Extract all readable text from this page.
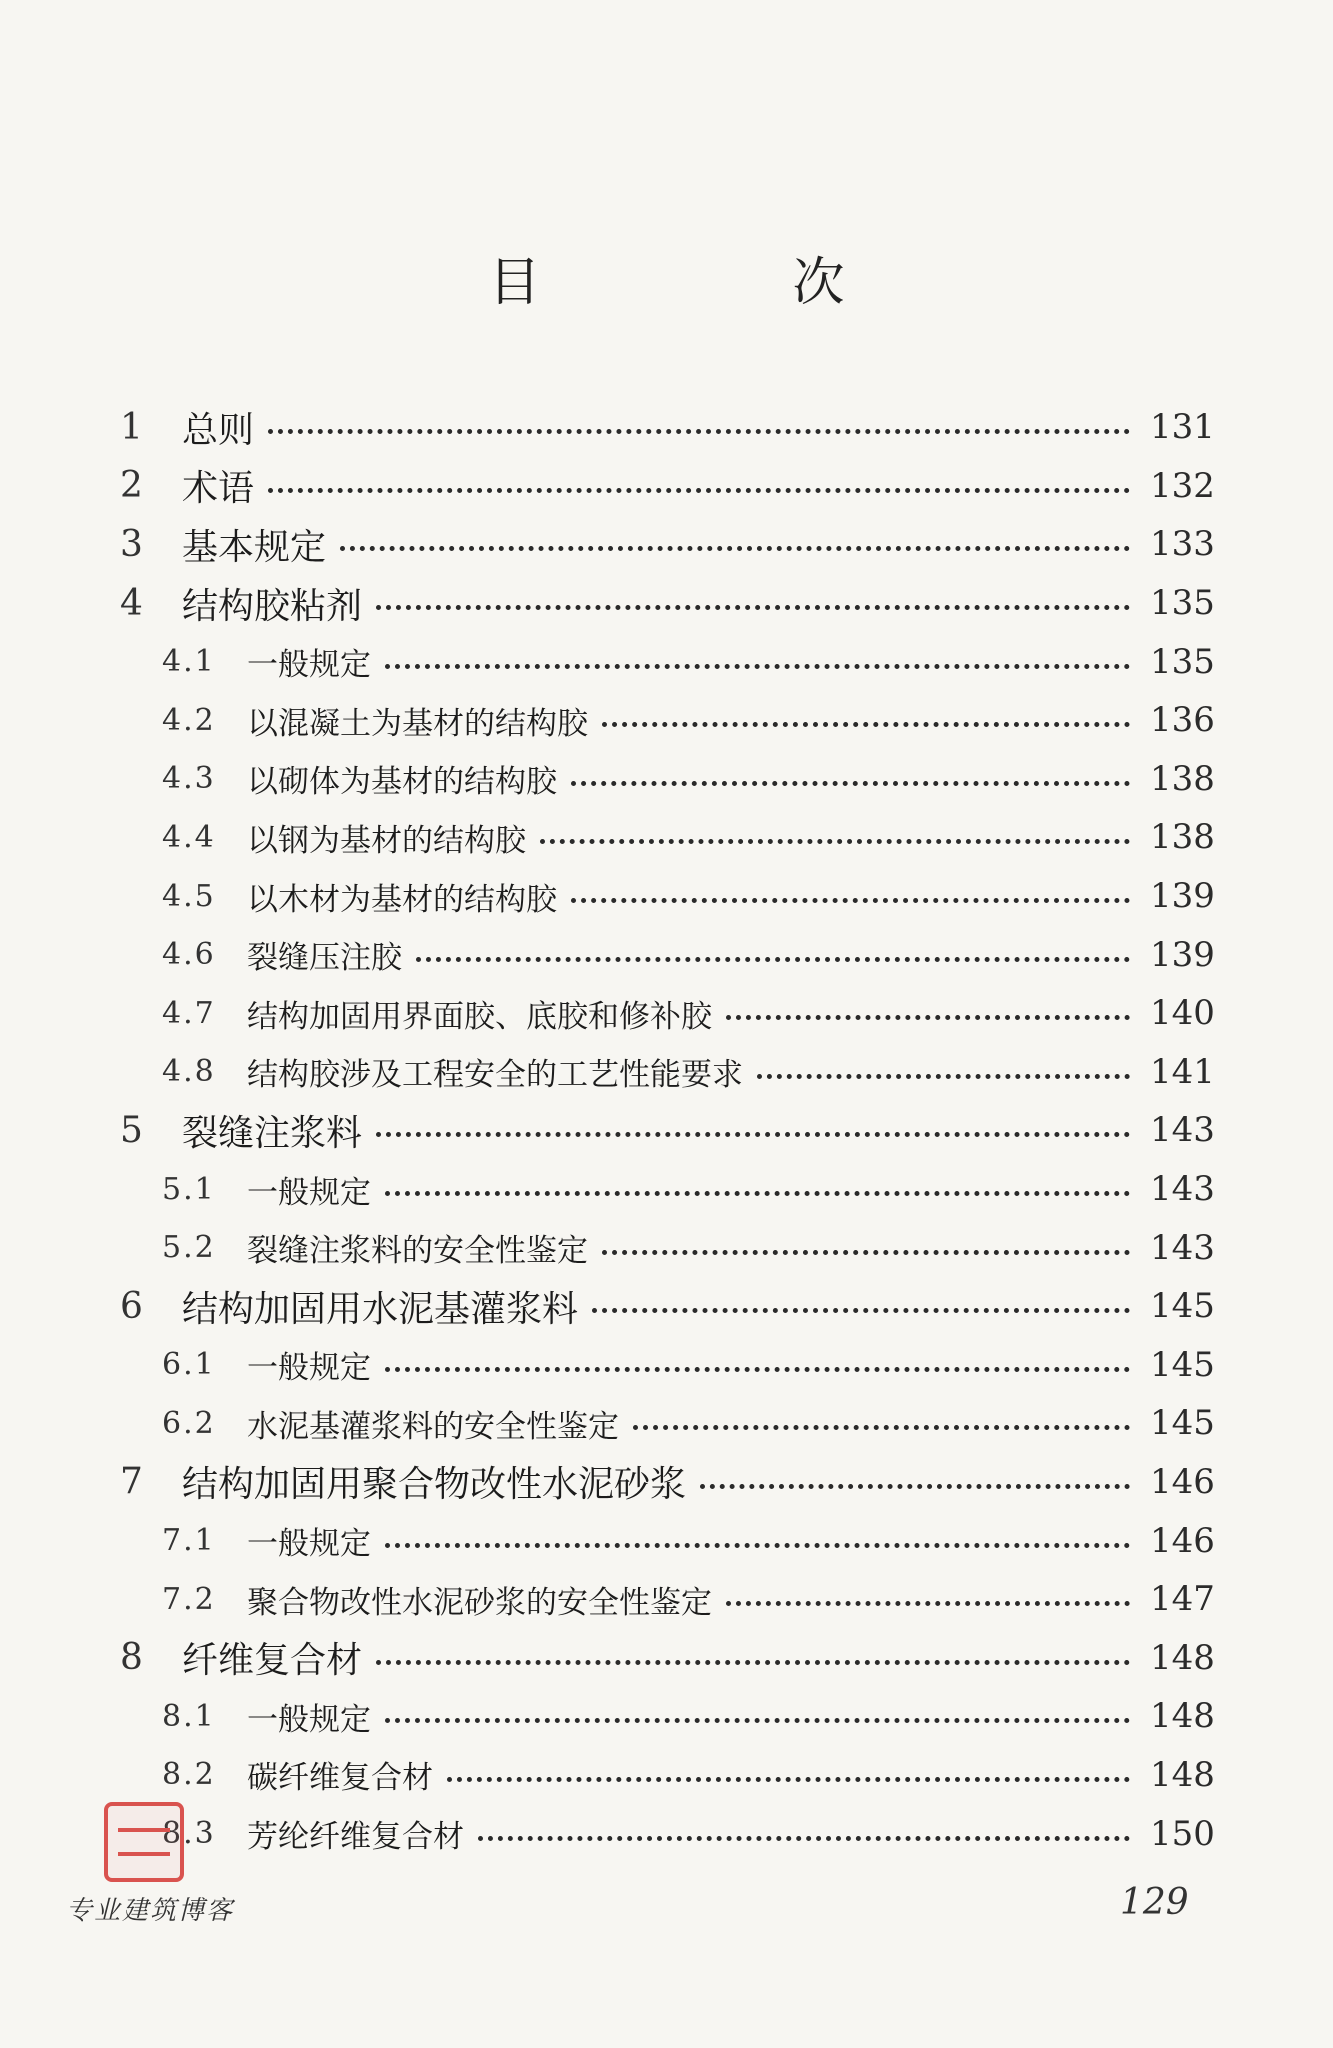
目　次
1 总则	131
2 术语	132
3 基本规定	133
4 结构胶粘剂	135
4.1 一般规定	135
4.2 以混凝土为基材的结构胶	136
4.3 以砌体为基材的结构胶	138
4.4 以钢为基材的结构胶	138
4.5 以木材为基材的结构胶	139
4.6 裂缝压注胶	139
4.7 结构加固用界面胶、底胶和修补胶	140
4.8 结构胶涉及工程安全的工艺性能要求	141
5 裂缝注浆料	143
5.1 一般规定	143
5.2 裂缝注浆料的安全性鉴定	143
6 结构加固用水泥基灌浆料	145
6.1 一般规定	145
6.2 水泥基灌浆料的安全性鉴定	145
7 结构加固用聚合物改性水泥砂浆	146
7.1 一般规定	146
7.2 聚合物改性水泥砂浆的安全性鉴定	147
8 纤维复合材	148
8.1 一般规定	148
8.2 碳纤维复合材	148
8.3 芳纶纤维复合材	150
专业建筑博客	129
